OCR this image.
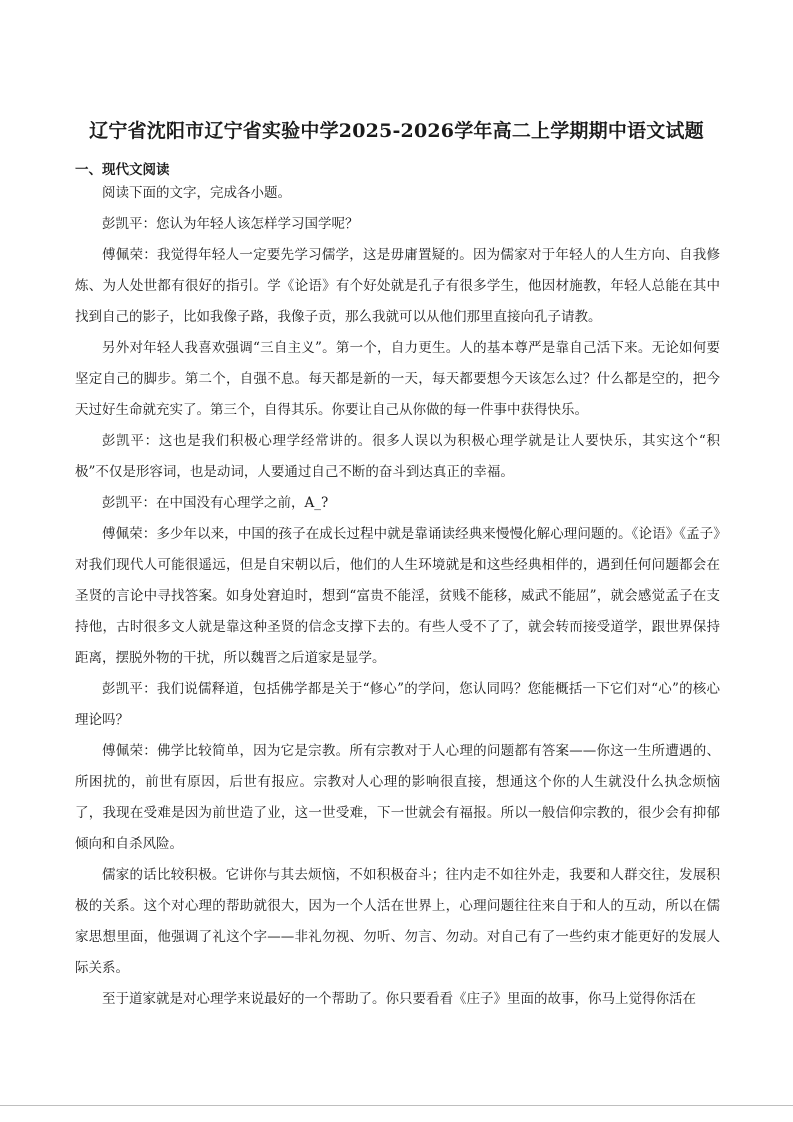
辽宁省沈阳市辽宁省实验中学2025-2026学年高二上学期期中语文试题
一、现代文阅读

阅读下面的文字，完成各小题。

彭凯平：您认为年轻人该怎样学习国学呢？

傅佩荣：我觉得年轻人一定要先学习儒学，这是毋庸置疑的。因为儒家对于年轻人的人生方向、自我修炼、为人处世都有很好的指引。学《论语》有个好处就是孔子有很多学生，他因材施教，年轻人总能在其中找到自己的影子，比如我像子路，我像子贡，那么我就可以从他们那里直接向孔子请教。

另外对年轻人我喜欢强调“三自主义”。第一个，自力更生。人的基本尊严是靠自己活下来。无论如何要坚定自己的脚步。第二个，自强不息。每天都是新的一天，每天都要想今天该怎么过？什么都是空的，把今天过好生命就充实了。第三个，自得其乐。你要让自己从你做的每一件事中获得快乐。

彭凯平：这也是我们积极心理学经常讲的。很多人误以为积极心理学就是让人要快乐，其实这个“积极”不仅是形容词，也是动词，人要通过自己不断的奋斗到达真正的幸福。

彭凯平：在中国没有心理学之前，A_?

傅佩荣：多少年以来，中国的孩子在成长过程中就是靠诵读经典来慢慢化解心理问题的。《论语》《孟子》对我们现代人可能很遥远，但是自宋朝以后，他们的人生环境就是和这些经典相伴的，遇到任何问题都会在圣贤的言论中寻找答案。如身处窘迫时，想到“富贵不能淫，贫贱不能移，威武不能屈”，就会感觉孟子在支持他，古时很多文人就是靠这种圣贤的信念支撑下去的。有些人受不了了，就会转而接受道学，跟世界保持距离，摆脱外物的干扰，所以魏晋之后道家是显学。

彭凯平：我们说儒释道，包括佛学都是关于“修心”的学问，您认同吗？您能概括一下它们对“心”的核心理论吗？

傅佩荣：佛学比较简单，因为它是宗教。所有宗教对于人心理的问题都有答案——你这一生所遭遇的、所困扰的，前世有原因，后世有报应。宗教对人心理的影响很直接，想通这个你的人生就没什么执念烦恼了，我现在受难是因为前世造了业，这一世受难，下一世就会有福报。所以一般信仰宗教的，很少会有抑郁倾向和自杀风险。

儒家的话比较积极。它讲你与其去烦恼，不如积极奋斗；往内走不如往外走，我要和人群交往，发展积极的关系。这个对心理的帮助就很大，因为一个人活在世界上，心理问题往往来自于和人的互动，所以在儒家思想里面，他强调了礼这个字——非礼勿视、勿听、勿言、勿动。对自己有了一些约束才能更好的发展人际关系。

至于道家就是对心理学来说最好的一个帮助了。你只要看看《庄子》里面的故事，你马上觉得你活在
